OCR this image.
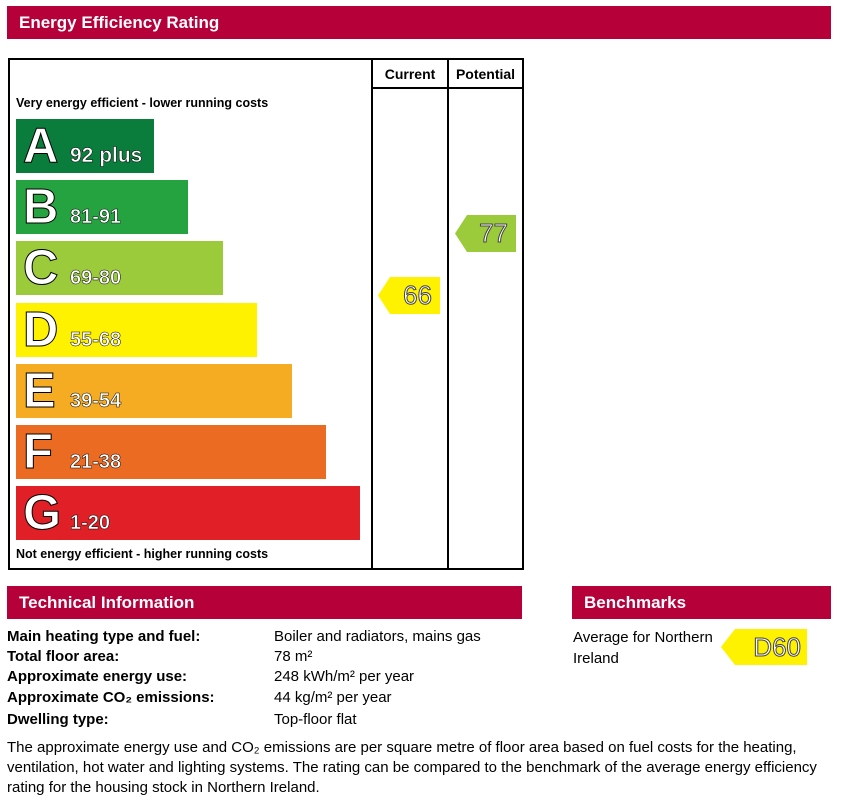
Energy Efficiency Rating
Current	Potential
Very energy efficient - lower running costs
A 92 plus
B 81-91
C 69-80
D 55-68
E 39-54
F 21-38
G 1-20
Not energy efficient - higher running costs
66
77
Technical Information	Benchmarks
Main heating type and fuel:	Boiler and radiators, mains gas
Total floor area:	78 m²
Approximate energy use:	248 kWh/m² per year
Approximate CO₂ emissions:	44 kg/m² per year
Dwelling type:	Top-floor flat
Average for Northern Ireland	D60
The approximate energy use and CO₂ emissions are per square metre of floor area based on fuel costs for the heating, ventilation, hot water and lighting systems. The rating can be compared to the benchmark of the average energy efficiency rating for the housing stock in Northern Ireland.
